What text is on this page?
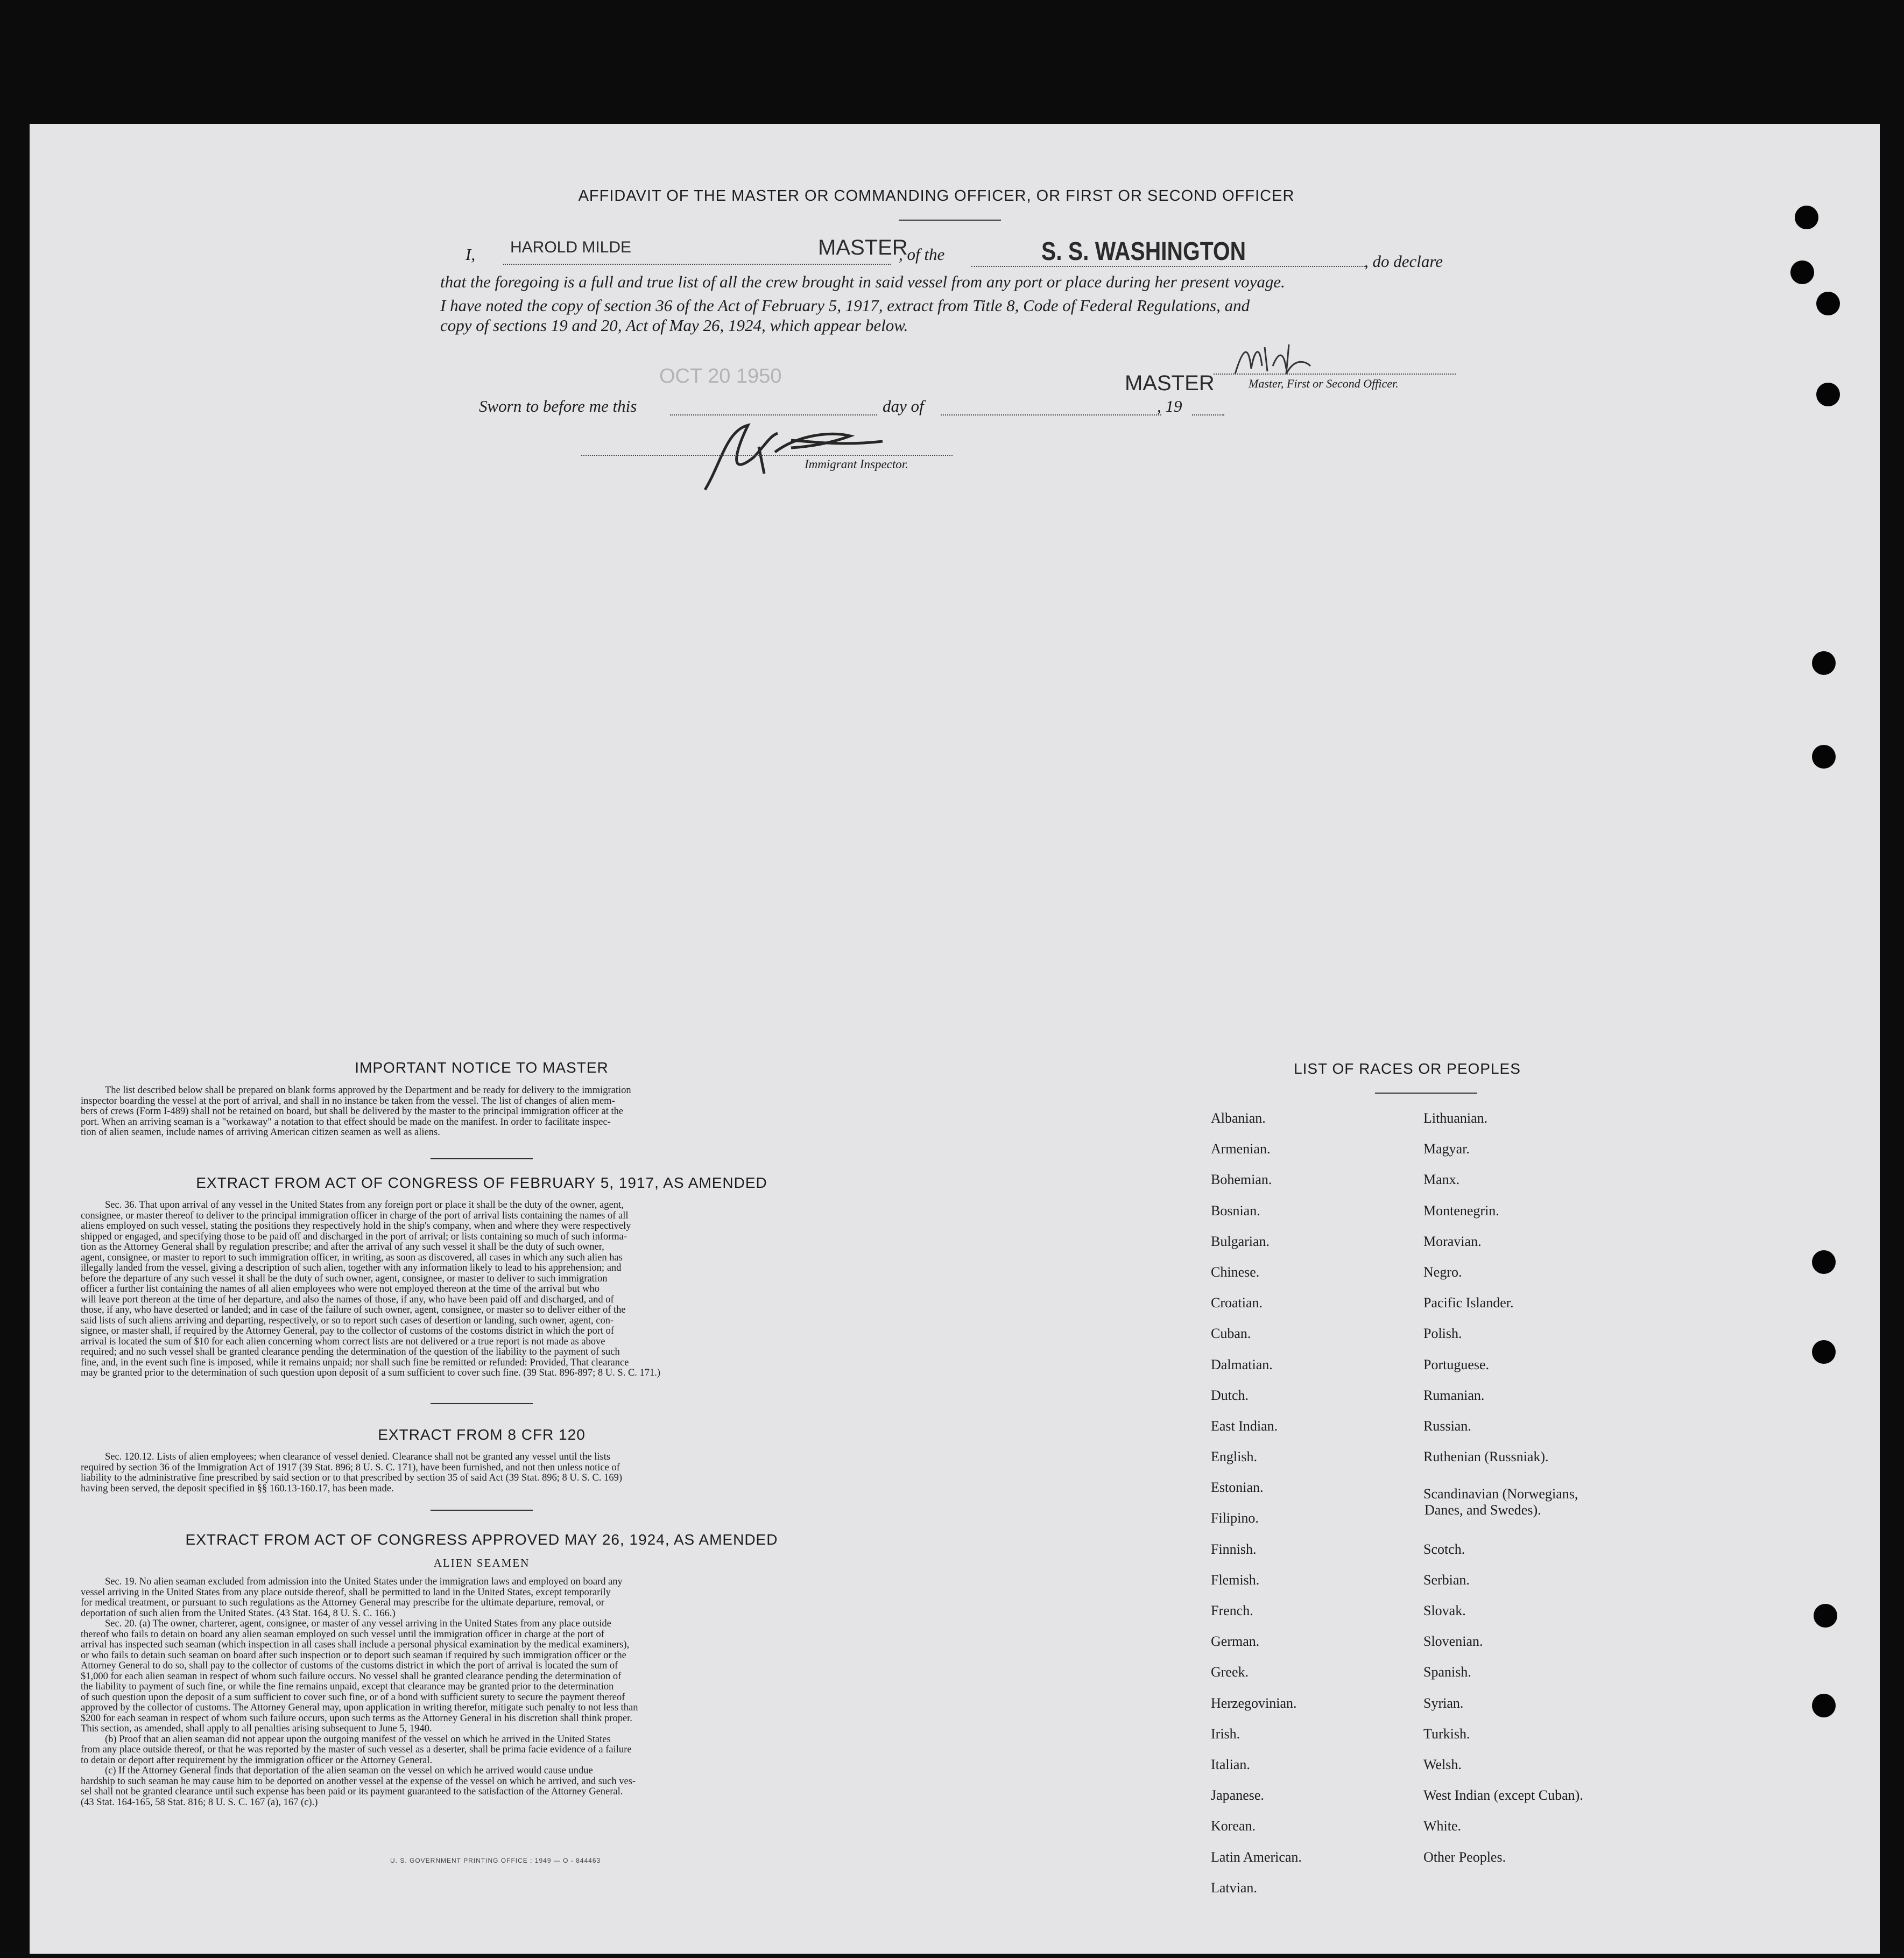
AFFIDAVIT OF THE MASTER OR COMMANDING OFFICER, OR FIRST OR SECOND OFFICER
I, HAROLD MILDE	MASTER
, of the	S. S. WASHINGTON	, do declare
that the foregoing is a full and true list of all the crew brought in said vessel from any port or place during her present voyage.
I have noted the copy of section 36 of the Act of February 5, 1917, extract from Title 8, Code of Federal Regulations, and
copy of sections 19 and 20, Act of May 26, 1924, which appear below.
OCT 20 1950	MASTER	Master, First or Second Officer.
Sworn to before me this	day of	, 19
Immigrant Inspector.
IMPORTANT NOTICE TO MASTER
The list described below shall be prepared on blank forms approved by the Department and be ready for delivery to the immigration
inspector boarding the vessel at the port of arrival, and shall in no instance be taken from the vessel. The list of changes of alien mem-
bers of crews (Form I-489) shall not be retained on board, but shall be delivered by the master to the principal immigration officer at the
port. When an arriving seaman is a "workaway" a notation to that effect should be made on the manifest. In order to facilitate inspec-
tion of alien seamen, include names of arriving American citizen seamen as well as aliens.
EXTRACT FROM ACT OF CONGRESS OF FEBRUARY 5, 1917, AS AMENDED
Sec. 36. That upon arrival of any vessel in the United States from any foreign port or place it shall be the duty of the owner, agent,
consignee, or master thereof to deliver to the principal immigration officer in charge of the port of arrival lists containing the names of all
aliens employed on such vessel, stating the positions they respectively hold in the ship's company, when and where they were respectively
shipped or engaged, and specifying those to be paid off and discharged in the port of arrival; or lists containing so much of such informa-
tion as the Attorney General shall by regulation prescribe; and after the arrival of any such vessel it shall be the duty of such owner,
agent, consignee, or master to report to such immigration officer, in writing, as soon as discovered, all cases in which any such alien has
illegally landed from the vessel, giving a description of such alien, together with any information likely to lead to his apprehension; and
before the departure of any such vessel it shall be the duty of such owner, agent, consignee, or master to deliver to such immigration
officer a further list containing the names of all alien employees who were not employed thereon at the time of the arrival but who
will leave port thereon at the time of her departure, and also the names of those, if any, who have been paid off and discharged, and of
those, if any, who have deserted or landed; and in case of the failure of such owner, agent, consignee, or master so to deliver either of the
said lists of such aliens arriving and departing, respectively, or so to report such cases of desertion or landing, such owner, agent, con-
signee, or master shall, if required by the Attorney General, pay to the collector of customs of the costoms district in which the port of
arrival is located the sum of $10 for each alien concerning whom correct lists are not delivered or a true report is not made as above
required; and no such vessel shall be granted clearance pending the determination of the question of the liability to the payment of such
fine, and, in the event such fine is imposed, while it remains unpaid; nor shall such fine be remitted or refunded: Provided, That clearance
may be granted prior to the determination of such question upon deposit of a sum sufficient to cover such fine. (39 Stat. 896-897; 8 U. S. C. 171.)
EXTRACT FROM 8 CFR 120
Sec. 120.12. Lists of alien employees; when clearance of vessel denied. Clearance shall not be granted any vessel until the lists
required by section 36 of the Immigration Act of 1917 (39 Stat. 896; 8 U. S. C. 171), have been furnished, and not then unless notice of
liability to the administrative fine prescribed by said section or to that prescribed by section 35 of said Act (39 Stat. 896; 8 U. S. C. 169)
having been served, the deposit specified in §§ 160.13-160.17, has been made.
EXTRACT FROM ACT OF CONGRESS APPROVED MAY 26, 1924, AS AMENDED
ALIEN SEAMEN
Sec. 19. No alien seaman excluded from admission into the United States under the immigration laws and employed on board any
vessel arriving in the United States from any place outside thereof, shall be permitted to land in the United States, except temporarily
for medical treatment, or pursuant to such regulations as the Attorney General may prescribe for the ultimate departure, removal, or
deportation of such alien from the United States. (43 Stat. 164, 8 U. S. C. 166.)
Sec. 20. (a) The owner, charterer, agent, consignee, or master of any vessel arriving in the United States from any place outside
thereof who fails to detain on board any alien seaman employed on such vessel until the immigration officer in charge at the port of
arrival has inspected such seaman (which inspection in all cases shall include a personal physical examination by the medical examiners),
or who fails to detain such seaman on board after such inspection or to deport such seaman if required by such immigration officer or the
Attorney General to do so, shall pay to the collector of customs of the customs district in which the port of arrival is located the sum of
$1,000 for each alien seaman in respect of whom such failure occurs. No vessel shall be granted clearance pending the determination of
the liability to payment of such fine, or while the fine remains unpaid, except that clearance may be granted prior to the determination
of such question upon the deposit of a sum sufficient to cover such fine, or of a bond with sufficient surety to secure the payment thereof
approved by the collector of customs. The Attorney General may, upon application in writing therefor, mitigate such penalty to not less than
$200 for each seaman in respect of whom such failure occurs, upon such terms as the Attorney General in his discretion shall think proper.
This section, as amended, shall apply to all penalties arising subsequent to June 5, 1940.
(b) Proof that an alien seaman did not appear upon the outgoing manifest of the vessel on which he arrived in the United States
from any place outside thereof, or that he was reported by the master of such vessel as a deserter, shall be prima facie evidence of a failure
to detain or deport after requirement by the immigration officer or the Attorney General.
(c) If the Attorney General finds that deportation of the alien seaman on the vessel on which he arrived would cause undue
hardship to such seaman he may cause him to be deported on another vessel at the expense of the vessel on which he arrived, and such ves-
sel shall not be granted clearance until such expense has been paid or its payment guaranteed to the satisfaction of the Attorney General.
(43 Stat. 164-165, 58 Stat. 816; 8 U. S. C. 167 (a), 167 (c).)
U. S. GOVERNMENT PRINTING OFFICE : 1949 — O - 844463
LIST OF RACES OR PEOPLES
Albanian.
Armenian.
Bohemian.
Bosnian.
Bulgarian.
Chinese.
Croatian.
Cuban.
Dalmatian.
Dutch.
East Indian.
English.
Estonian.
Filipino.
Finnish.
Flemish.
French.
German.
Greek.
Herzegovinian.
Irish.
Italian.
Japanese.
Korean.
Latin American.
Latvian.
Lithuanian.
Magyar.
Manx.
Montenegrin.
Moravian.
Negro.
Pacific Islander.
Polish.
Portuguese.
Rumanian.
Russian.
Ruthenian (Russniak).
Scandinavian (Norwegians,
Danes, and Swedes).
Scotch.
Serbian.
Slovak.
Slovenian.
Spanish.
Syrian.
Turkish.
Welsh.
West Indian (except Cuban).
White.
Other Peoples.
